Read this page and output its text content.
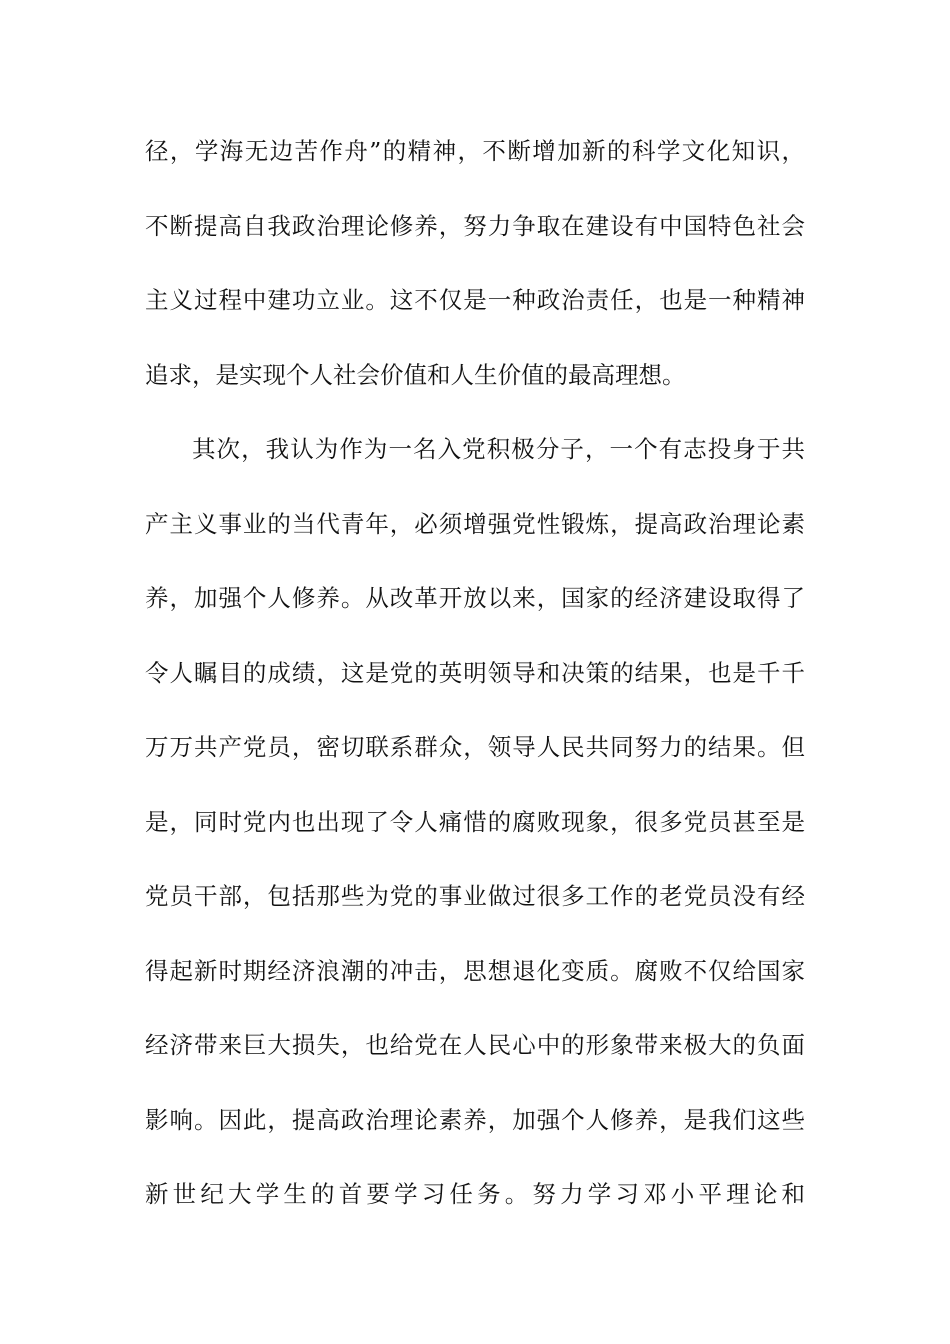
径，学海无边苦作舟”的精神，不断增加新的科学文化知识，
不断提高自我政治理论修养，努力争取在建设有中国特色社会
主义过程中建功立业。这不仅是一种政治责任，也是一种精神
追求，是实现个人社会价值和人生价值的最高理想。
其次，我认为作为一名入党积极分子，一个有志投身于共
产主义事业的当代青年，必须增强党性锻炼，提高政治理论素
养，加强个人修养。从改革开放以来，国家的经济建设取得了
令人瞩目的成绩，这是党的英明领导和决策的结果，也是千千
万万共产党员，密切联系群众，领导人民共同努力的结果。但
是，同时党内也出现了令人痛惜的腐败现象，很多党员甚至是
党员干部，包括那些为党的事业做过很多工作的老党员没有经
得起新时期经济浪潮的冲击，思想退化变质。腐败不仅给国家
经济带来巨大损失，也给党在人民心中的形象带来极大的负面
影响。因此，提高政治理论素养，加强个人修养，是我们这些
新世纪大学生的首要学习任务。努力学习邓小平理论和
